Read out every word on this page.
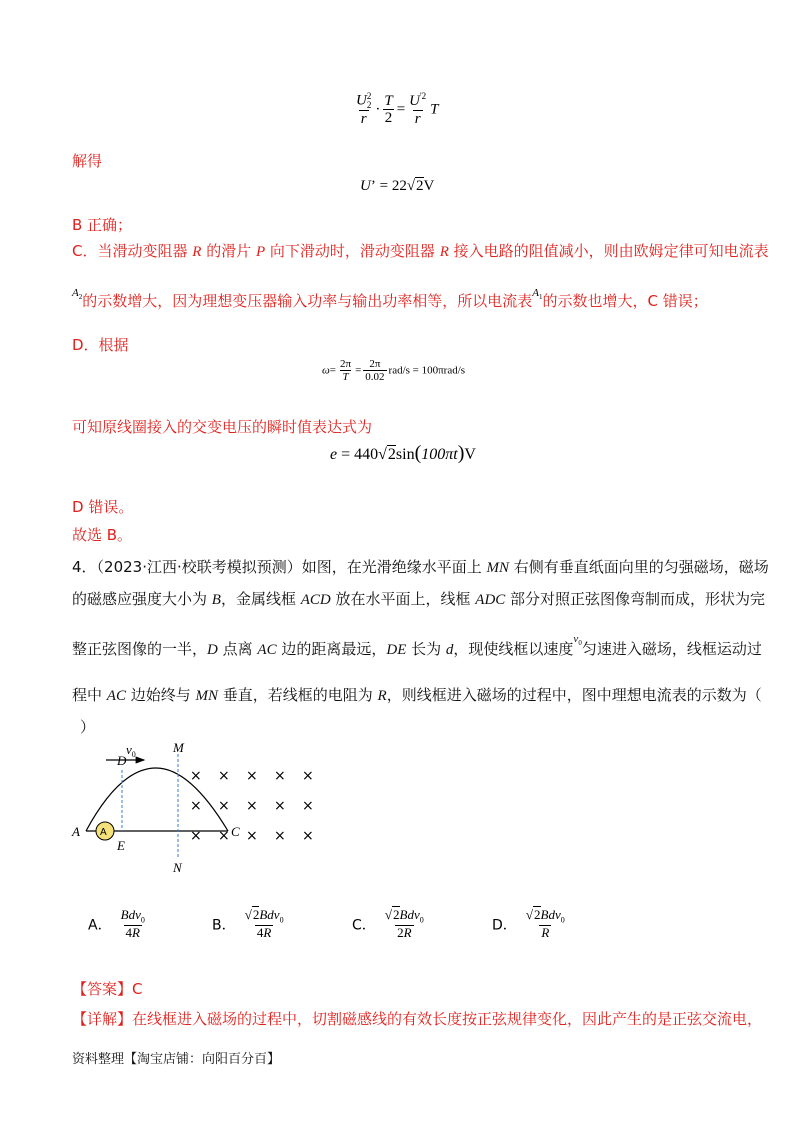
U 2
2
$r \cdot \frac{T}{2} = \frac{U^{'2}}{r}$ T
解得
U’ = 22√2V
B 正确；
C．当滑动变阻器 R 的滑片 P 向下滑动时，滑动变阻器 R 接入电路的阻值减小，则由欧姆定律可知电流表
$^{A_2}$的示数增大，因为理想变压器输入功率与输出功率相等，所以电流表$^{A_1}$的示数也增大，C 错误；
D．根据
$\omega= \frac{2\pi}{T} = \frac{2\pi}{0.02} rad/s = 100\pi rad/s$
可知原线圈接入的交变电压的瞬时值表达式为
e = 440√2sin(100πt)V
D 错误。
故选 B。
4．（2023·江西·校联考模拟预测）如图，在光滑绝缘水平面上 MN 右侧有垂直纸面向里的匀强磁场，磁场
的磁感应强度大小为 B，金属线框 ACD 放在水平面上，线框 ADC 部分对照正弦图像弯制而成，形状为完
整正弦图像的一半，D 点离 AC 边的距离最远，DE 长为 d，现使线框以速度$^{v_0}$匀速进入磁场，线框运动过
程中 AC 边始终与 MN 垂直，若线框的电阻为 R，则线框进入磁场的过程中，图中理想电流表的示数为（
）
$v_0$
A
D
A
E
C
M
N
× × × × ×
× × × × ×
× × × × ×
A． $\frac{Bdv_0}{4R}$	B． $\frac{√2Bdv_0}{4R}$	C． $\frac{√2Bdv_0}{2R}$	D． $\frac{√2Bdv_0}{R}$
【答案】C
【详解】在线框进入磁场的过程中，切割磁感线的有效长度按正弦规律变化，因此产生的是正弦交流电，
资料整理【淘宝店铺：向阳百分百】
